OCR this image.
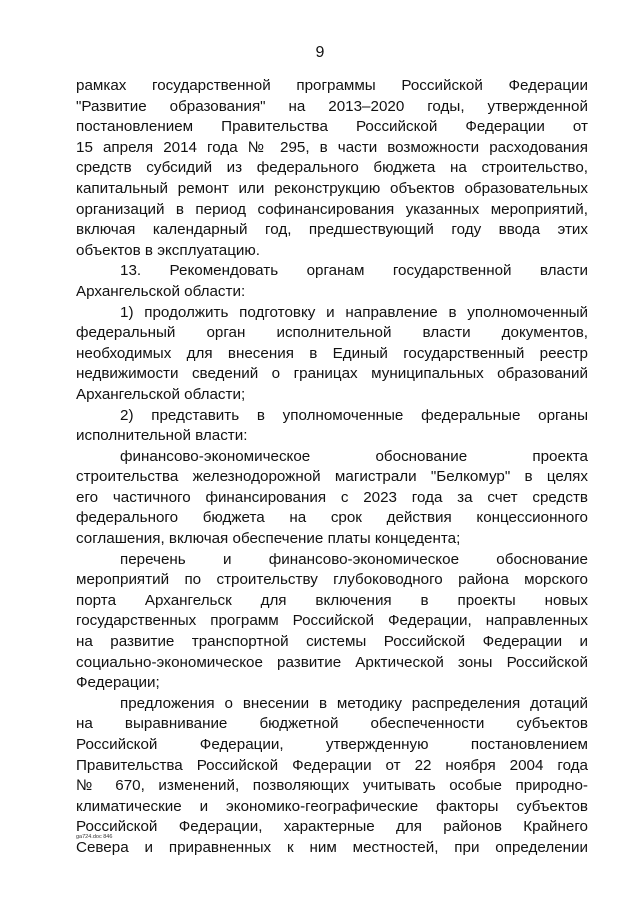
9
рамках государственной программы Российской Федерации
"Развитие образования" на 2013–2020 годы, утвержденной
постановлением Правительства Российской Федерации от
15 апреля 2014 года № 295, в части возможности расходования
средств субсидий из федерального бюджета на строительство,
капитальный ремонт или реконструкцию объектов образовательных
организаций в период софинансирования указанных мероприятий,
включая календарный год, предшествующий году ввода этих
объектов в эксплуатацию.
13. Рекомендовать органам государственной власти
Архангельской области:
1) продолжить подготовку и направление в уполномоченный
федеральный орган исполнительной власти документов,
необходимых для внесения в Единый государственный реестр
недвижимости сведений о границах муниципальных образований
Архангельской области;
2) представить в уполномоченные федеральные органы
исполнительной власти:
финансово-экономическое обоснование проекта
строительства железнодорожной магистрали "Белкомур" в целях
его частичного финансирования с 2023 года за счет средств
федерального бюджета на срок действия концессионного
соглашения, включая обеспечение платы концедента;
перечень и финансово-экономическое обоснование
мероприятий по строительству глубоководного района морского
порта Архангельск для включения в проекты новых
государственных программ Российской Федерации, направленных
на развитие транспортной системы Российской Федерации и
социально-экономическое развитие Арктической зоны Российской
Федерации;
предложения о внесении в методику распределения дотаций
на выравнивание бюджетной обеспеченности субъектов
Российской Федерации, утвержденную постановлением
Правительства Российской Федерации от 22 ноября 2004 года
№ 670, изменений, позволяющих учитывать особые природно-
климатические и экономико-географические факторы субъектов
Российской Федерации, характерные для районов Крайнего
Севера и приравненных к ним местностей, при определении
ga724.doc 846
